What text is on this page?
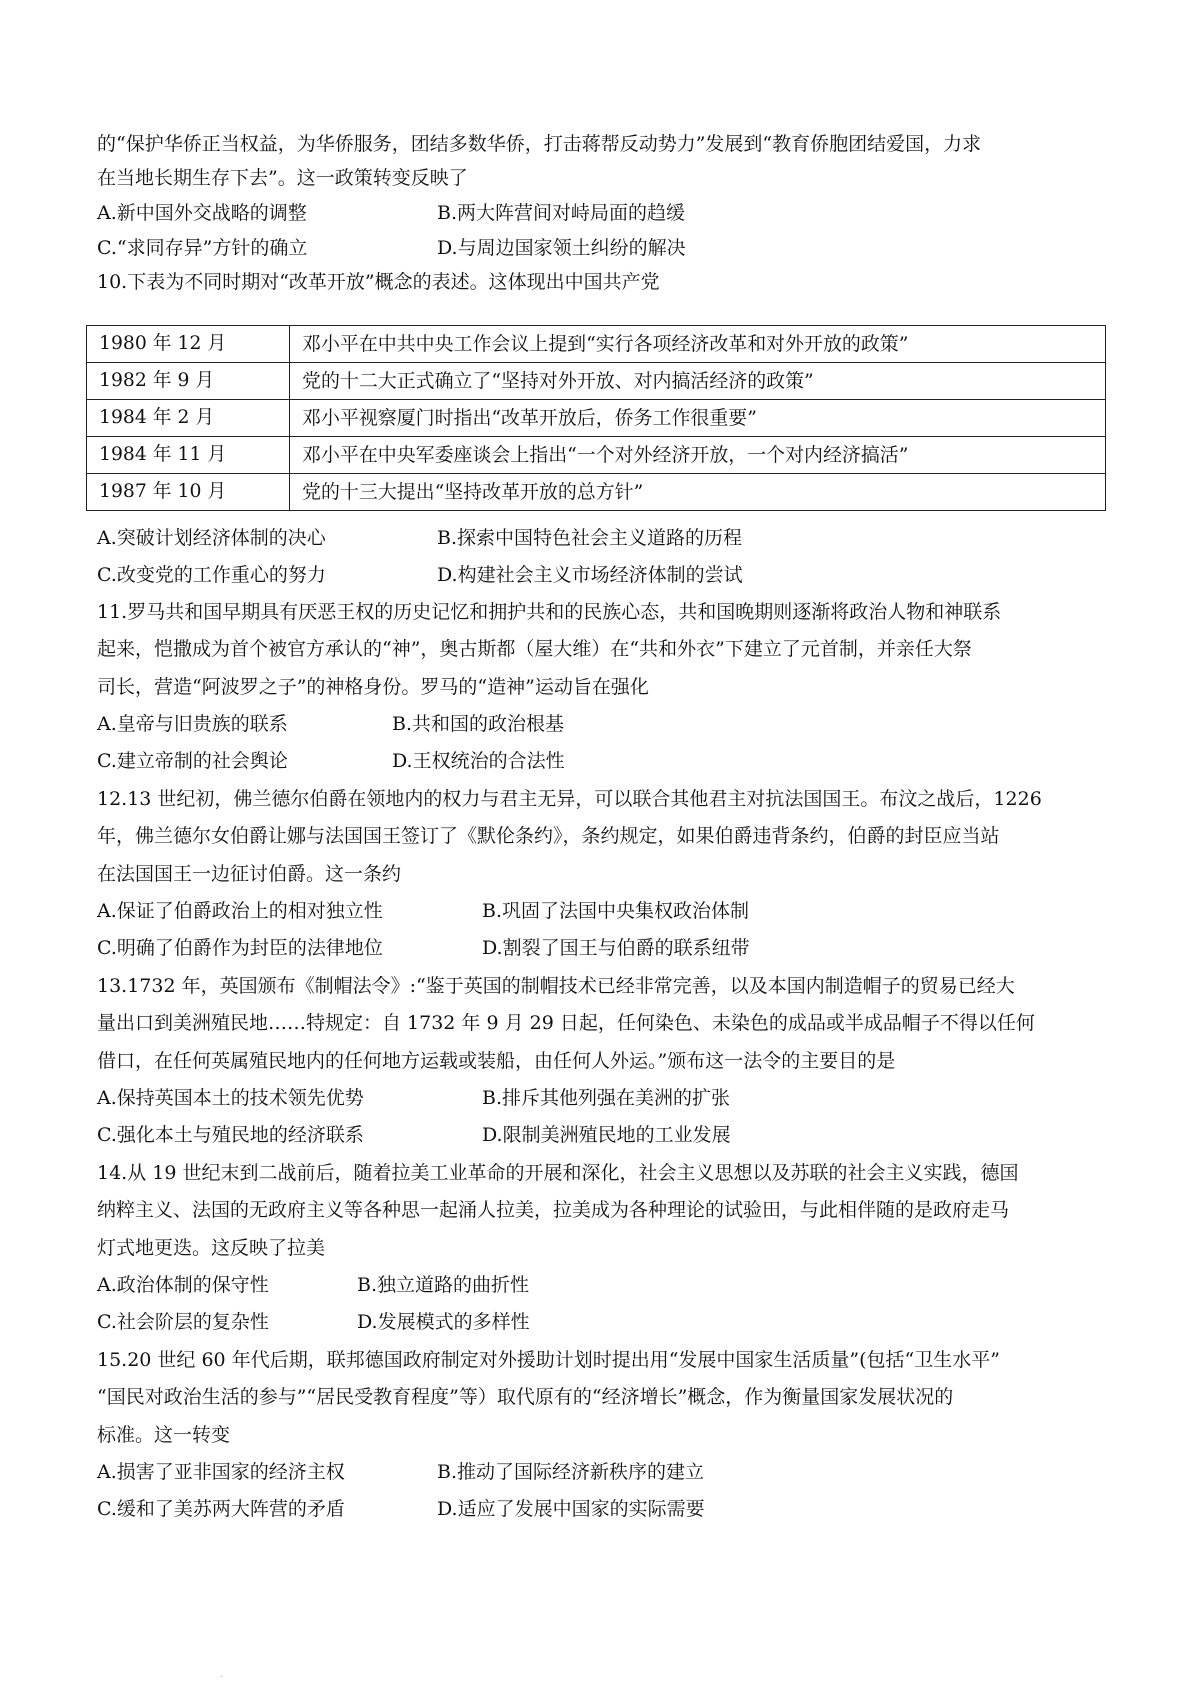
的“保护华侨正当权益，为华侨服务，团结多数华侨，打击蒋帮反动势力”发展到“教育侨胞团结爱国，力求
在当地长期生存下去”。这一政策转变反映了
A.新中国外交战略的调整	B.两大阵营间对峙局面的趋缓
C.“求同存异”方针的确立	D.与周边国家领土纠纷的解决
10.下表为不同时期对“改革开放”概念的表述。这体现出中国共产党
1980 年 12 月	邓小平在中共中央工作会议上提到“实行各项经济改革和对外开放的政策”
1982 年 9 月	党的十二大正式确立了“坚持对外开放、对内搞活经济的政策”
1984 年 2 月	邓小平视察厦门时指出“改革开放后，侨务工作很重要”
1984 年 11 月	邓小平在中央军委座谈会上指出“一个对外经济开放，一个对内经济搞活”
1987 年 10 月	党的十三大提出“坚持改革开放的总方针”
A.突破计划经济体制的决心	B.探索中国特色社会主义道路的历程
C.改变党的工作重心的努力	D.构建社会主义市场经济体制的尝试
11.罗马共和国早期具有厌恶王权的历史记忆和拥护共和的民族心态，共和国晚期则逐渐将政治人物和神联系
起来，恺撒成为首个被官方承认的“神”，奥古斯都（屋大维）在“共和外衣”下建立了元首制，并亲任大祭
司长，营造“阿波罗之子”的神格身份。罗马的“造神”运动旨在强化
A.皇帝与旧贵族的联系	B.共和国的政治根基
C.建立帝制的社会舆论	D.王权统治的合法性
12.13 世纪初，佛兰德尔伯爵在领地内的权力与君主无异，可以联合其他君主对抗法国国王。布汶之战后，1226
年，佛兰德尔女伯爵让娜与法国国王签订了《默伦条约》，条约规定，如果伯爵违背条约，伯爵的封臣应当站
在法国国王一边征讨伯爵。这一条约
A.保证了伯爵政治上的相对独立性	B.巩固了法国中央集权政治体制
C.明确了伯爵作为封臣的法律地位	D.割裂了国王与伯爵的联系纽带
13.1732 年，英国颁布《制帽法令》:“鉴于英国的制帽技术已经非常完善，以及本国内制造帽子的贸易已经大
量出口到美洲殖民地……特规定：自 1732 年 9 月 29 日起，任何染色、未染色的成品或半成品帽子不得以任何
借口，在任何英属殖民地内的任何地方运载或装船，由任何人外运。”颁布这一法令的主要目的是
A.保持英国本土的技术领先优势	B.排斥其他列强在美洲的扩张
C.强化本土与殖民地的经济联系	D.限制美洲殖民地的工业发展
14.从 19 世纪末到二战前后，随着拉美工业革命的开展和深化，社会主义思想以及苏联的社会主义实践，德国
纳粹主义、法国的无政府主义等各种思一起涌人拉美，拉美成为各种理论的试验田，与此相伴随的是政府走马
灯式地更迭。这反映了拉美
A.政治体制的保守性	B.独立道路的曲折性
C.社会阶层的复杂性	D.发展模式的多样性
15.20 世纪 60 年代后期，联邦德国政府制定对外援助计划时提出用“发展中国家生活质量”(包括“卫生水平”
“国民对政治生活的参与”“居民受教育程度”等）取代原有的“经济增长”概念，作为衡量国家发展状况的
标准。这一转变
A.损害了亚非国家的经济主权	B.推动了国际经济新秩序的建立
C.缓和了美苏两大阵营的矛盾	D.适应了发展中国家的实际需要
·
